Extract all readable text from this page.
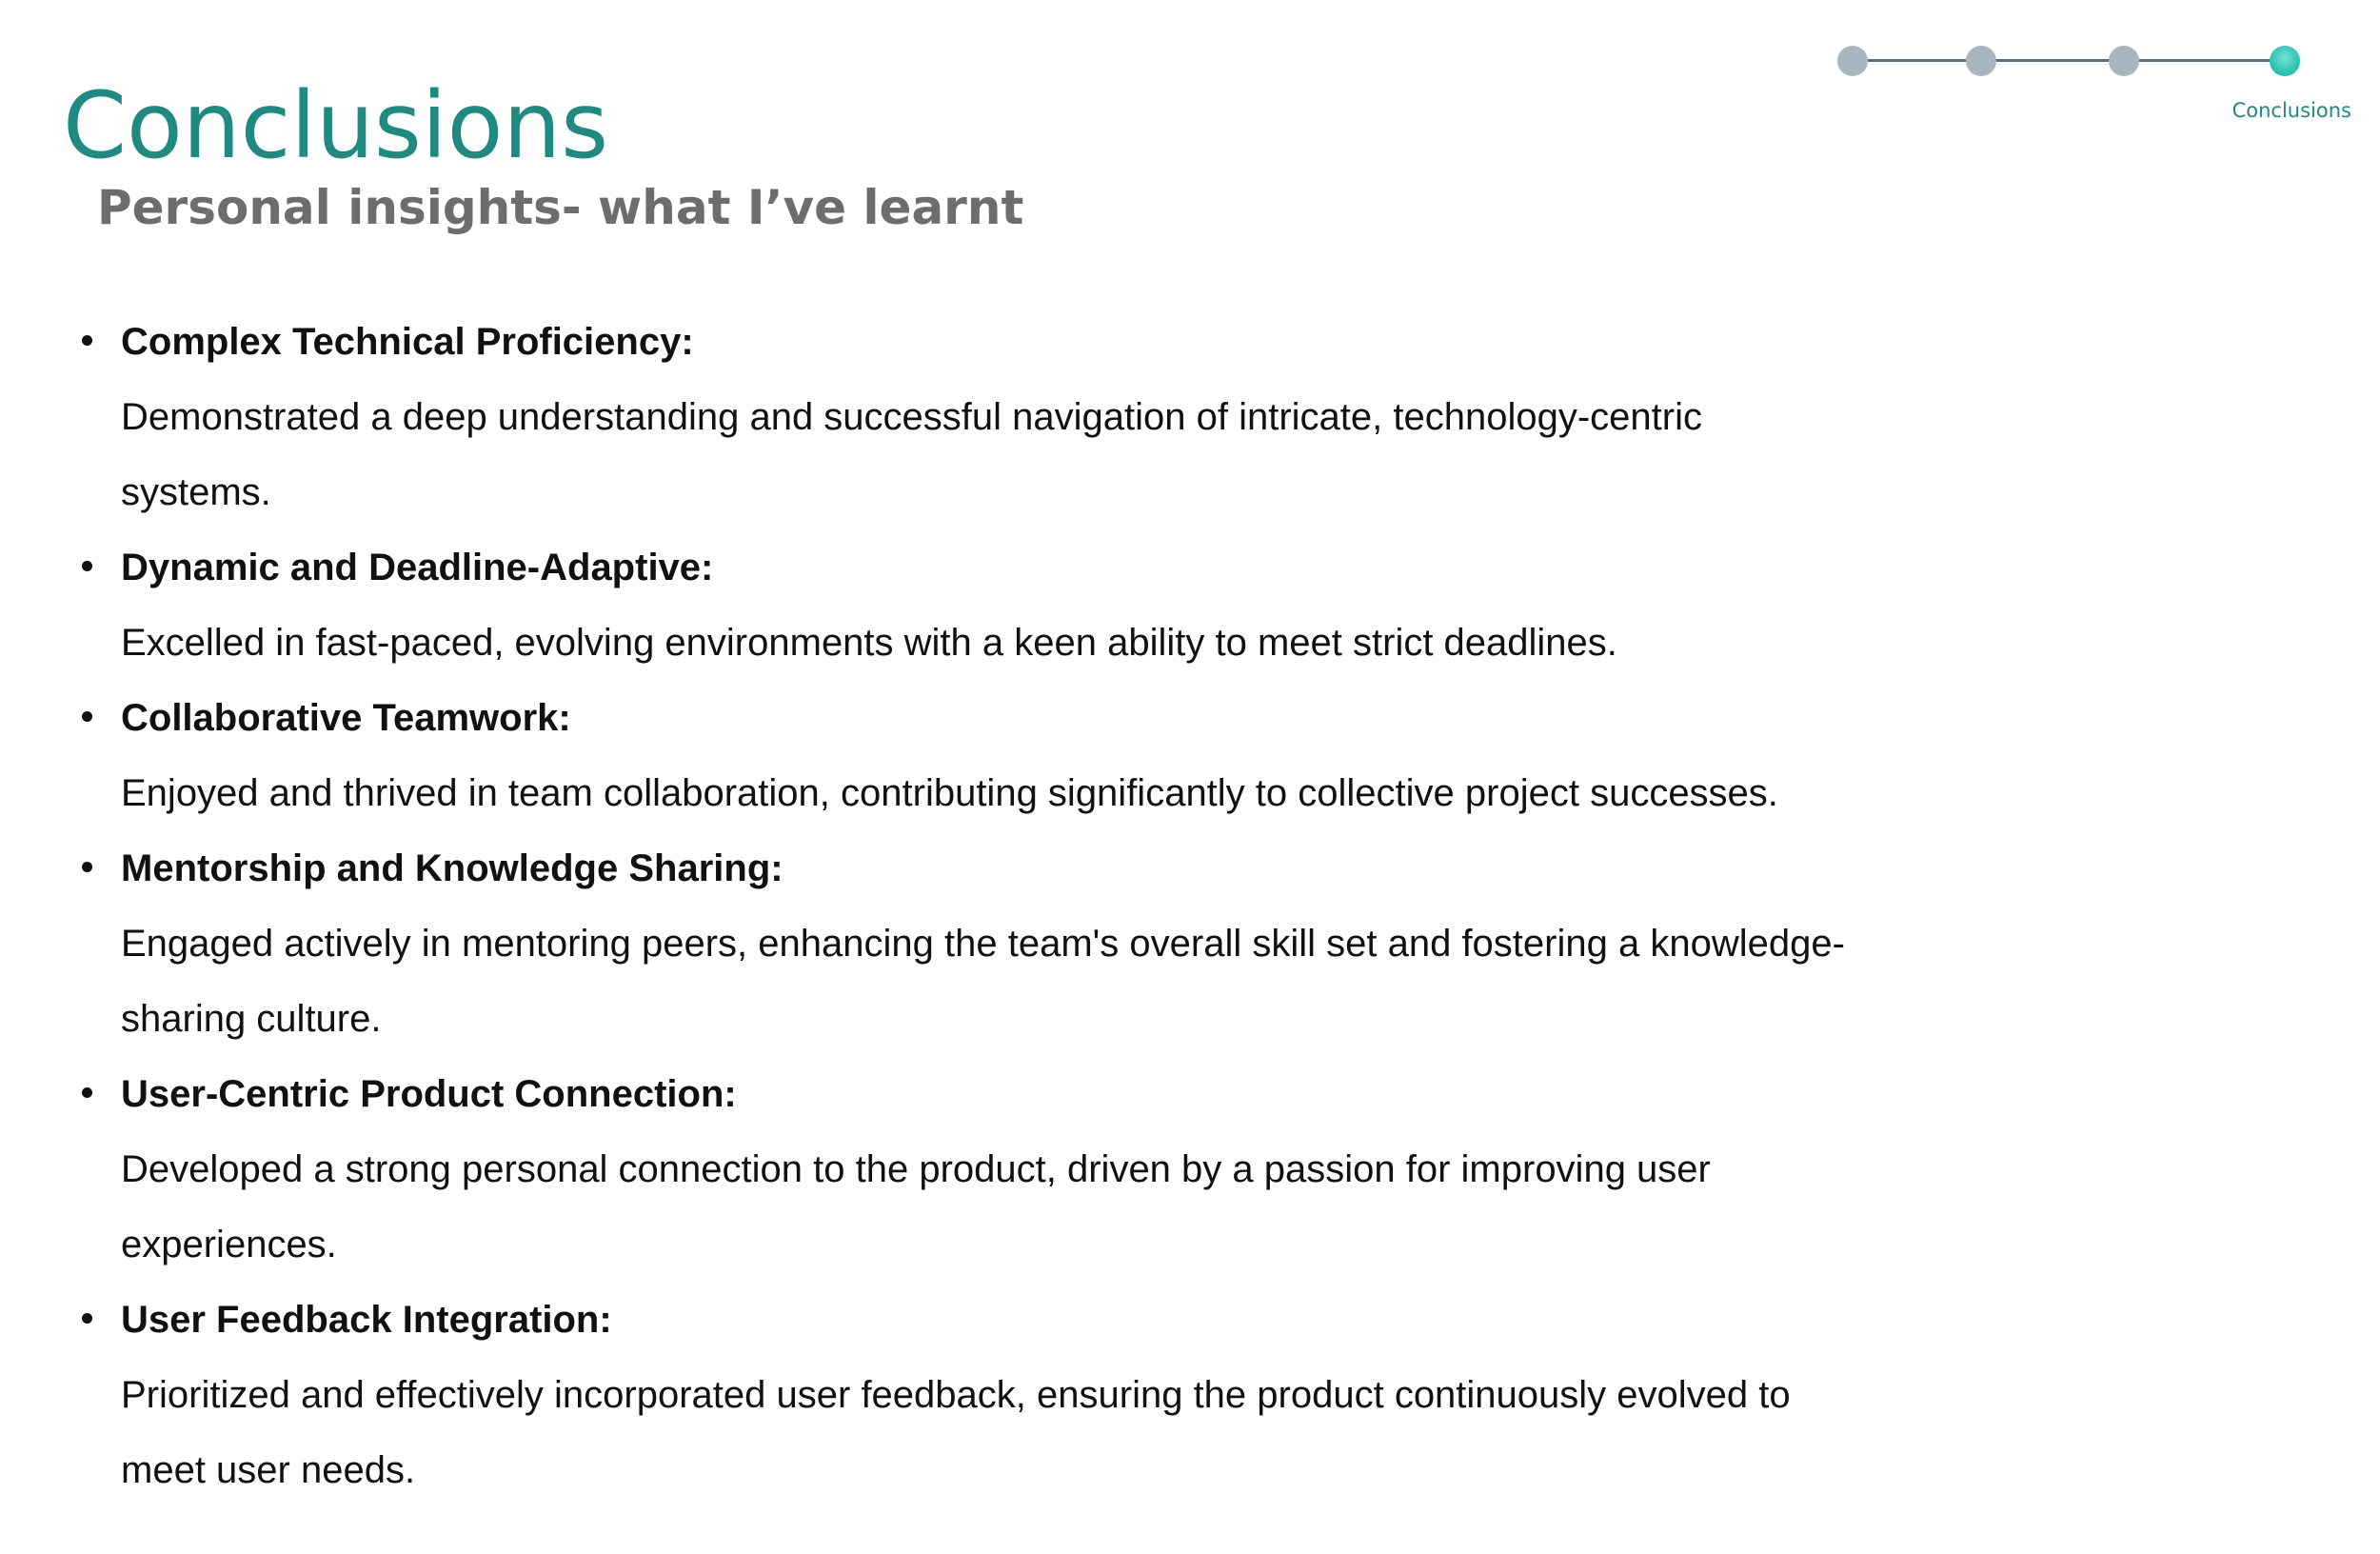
Conclusions
Personal insights- what I’ve learnt
Conclusions
Complex Technical Proficiency:
Demonstrated a deep understanding and successful navigation of intricate, technology-centric systems.
Dynamic and Deadline-Adaptive:
Excelled in fast-paced, evolving environments with a keen ability to meet strict deadlines.
Collaborative Teamwork:
Enjoyed and thrived in team collaboration, contributing significantly to collective project successes.
Mentorship and Knowledge Sharing:
Engaged actively in mentoring peers, enhancing the team's overall skill set and fostering a knowledge-sharing culture.
User-Centric Product Connection:
Developed a strong personal connection to the product, driven by a passion for improving user experiences.
User Feedback Integration:
Prioritized and effectively incorporated user feedback, ensuring the product continuously evolved to meet user needs.
